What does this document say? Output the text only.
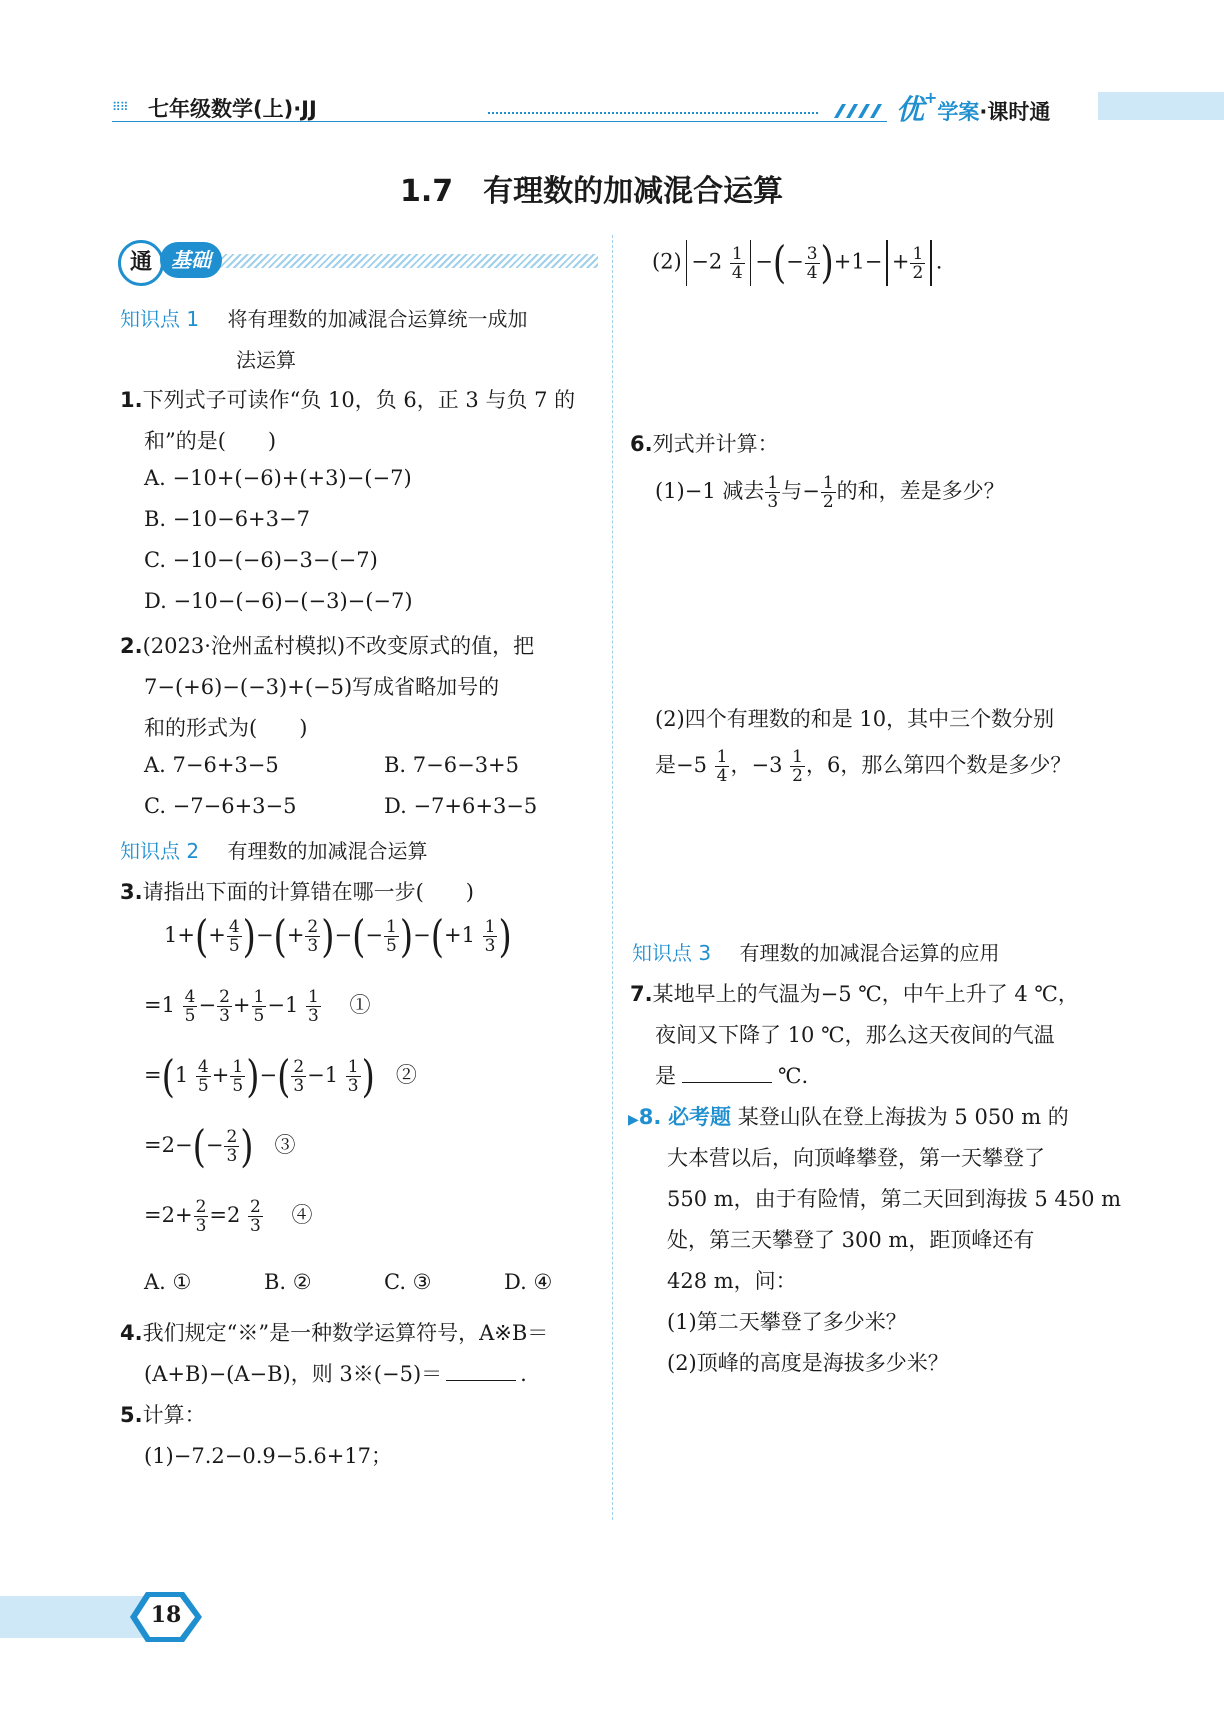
⠿⠿ 七年级数学(上)·JJ	优+学案·课时通
1.7　有理数的加减混合运算
通 基础
知识点 1 将有理数的加减混合运算统一成加
法运算
1.下列式子可读作“负 10，负 6，正 3 与负 7 的
和”的是(　　)
A. −10+(−6)+(+3)−(−7)
B. −10−6+3−7
C. −10−(−6)−3−(−7)
D. −10−(−6)−(−3)−(−7)
2.(2023·沧州孟村模拟)不改变原式的值，把
7−(+6)−(−3)+(−5)写成省略加号的
和的形式为(　　)
A. 7−6+3−5	B. 7−6−3+5
C. −7−6+3−5	D. −7+6+3−5
知识点 2 有理数的加减混合运算
3.请指出下面的计算错在哪一步(　　)
$1+(+ \frac{4}{5}$ )−(+ $\frac{2}{3}$ )−(− $\frac{1}{5} )-(+1 \frac{1}{3}$ )
$=1 \frac{4}{5} - \frac{2}{3} + \frac{1}{5} -1 \frac{1}{3}$
　 ①
$=(1 \frac{4}{5} + \frac{1}{5}$ )−( $\frac{2}{3} -1 \frac{1}{3}$ )　 ②
$=2-(- \frac{2}{3}$ )　 ③
$=2+ \frac{2}{3} =2 \frac{2}{3}$
　 ④
A. ①	B. ②	C. ③	D. ④
4.我们规定“※”是一种数学运算符号，A※B＝
(A+B)−(A−B)，则 3※(−5)＝	.
5.计算：
(1)−7.2−0.9−5.6+17；
$(2) -2 \frac{1}{4}$ −(− $\frac{3}{4} )+1- + \frac{1}{2}$ .
6.列式并计算：
(1)−1 减去 $\frac{1}{3}$ 与− $\frac{1}{2}$ 的和，差是多少？
(2)四个有理数的和是 10，其中三个数分别
是$-5 \frac{1}{4}$ ，$-3 \frac{1}{2}$ ，6，那么第四个数是多少？
知识点 3 有理数的加减混合运算的应用
7.某地早上的气温为−5 ℃，中午上升了 4 ℃，
夜间又下降了 10 ℃，那么这天夜间的气温
是	℃.
▶8. 必考题 某登山队在登上海拔为 5 050 m 的
大本营以后，向顶峰攀登，第一天攀登了
550 m，由于有险情，第二天回到海拔 5 450 m
处，第三天攀登了 300 m，距顶峰还有
428 m，问：
(1)第二天攀登了多少米？
(2)顶峰的高度是海拔多少米？
18
